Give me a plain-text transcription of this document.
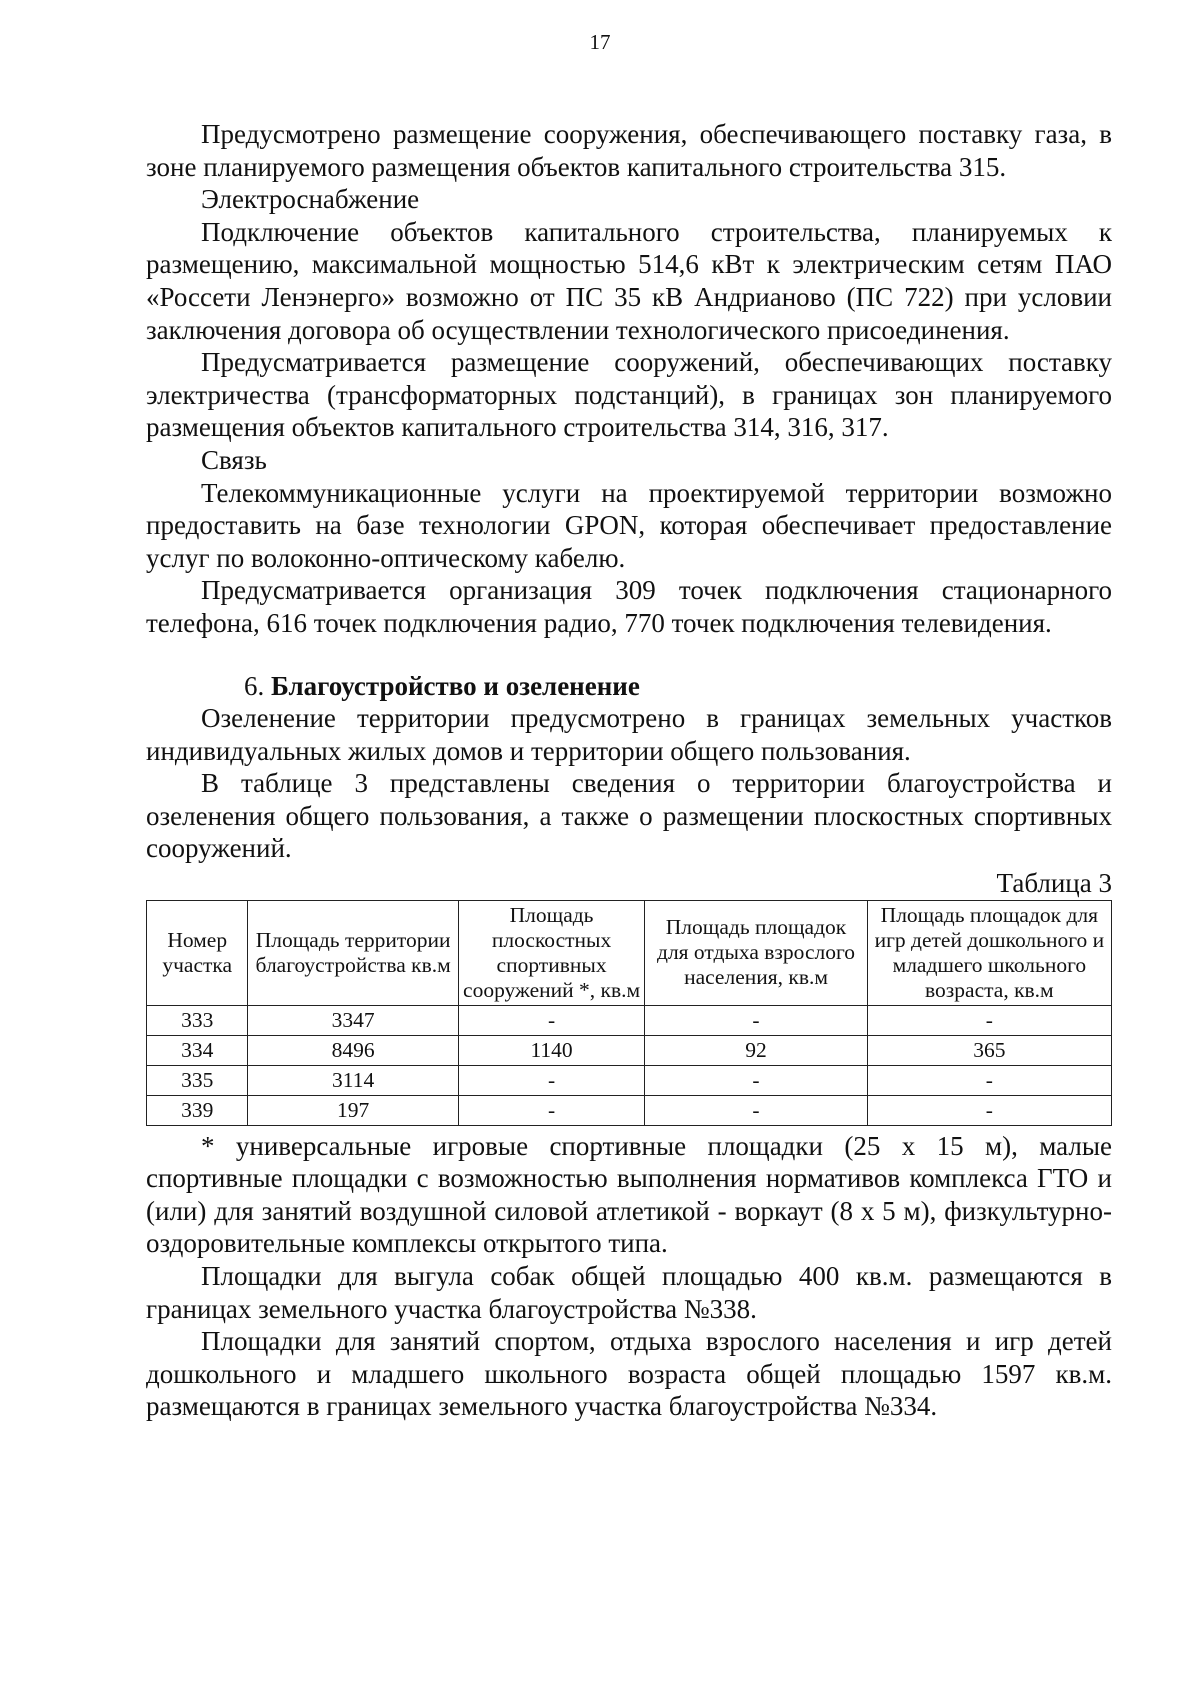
17

Предусмотрено размещение сооружения, обеспечивающего поставку газа, в зоне планируемого размещения объектов капитального строительства 315.

Электроснабжение

Подключение объектов капитального строительства, планируемых к размещению, максимальной мощностью 514,6 кВт к электрическим сетям ПАО «Россети Ленэнерго» возможно от ПС 35 кВ Андрианово (ПС 722) при условии заключения договора об осуществлении технологического присоединения.

Предусматривается размещение сооружений, обеспечивающих поставку электричества (трансформаторных подстанций), в границах зон планируемого размещения объектов капитального строительства 314, 316, 317.

Связь

Телекоммуникационные услуги на проектируемой территории возможно предоставить на базе технологии GPON, которая обеспечивает предоставление услуг по волоконно-оптическому кабелю.

Предусматривается организация 309 точек подключения стационарного телефона, 616 точек подключения радио, 770 точек подключения телевидения.

6. Благоустройство и озеленение

Озеленение территории предусмотрено в границах земельных участков индивидуальных жилых домов и территории общего пользования.

В таблице 3 представлены сведения о территории благоустройства и озеленения общего пользования, а также о размещении плоскостных спортивных сооружений.

Таблица 3
Номер участка	Площадь территории благоустройства кв.м	Площадь плоскостных спортивных сооружений *, кв.м	Площадь площадок для отдыха взрослого населения, кв.м	Площадь площадок для игр детей дошкольного и младшего школьного возраста, кв.м
333	3347	-	-	-
334	8496	1140	92	365
335	3114	-	-	-
339	197	-	-	-

* универсальные игровые спортивные площадки (25 x 15 м), малые спортивные площадки с возможностью выполнения нормативов комплекса ГТО и (или) для занятий воздушной силовой атлетикой - воркаут (8 x 5 м), физкультурно-оздоровительные комплексы открытого типа.

Площадки для выгула собак общей площадью 400 кв.м. размещаются в границах земельного участка благоустройства №338.

Площадки для занятий спортом, отдыха взрослого населения и игр детей дошкольного и младшего школьного возраста общей площадью 1597 кв.м. размещаются в границах земельного участка благоустройства №334.
